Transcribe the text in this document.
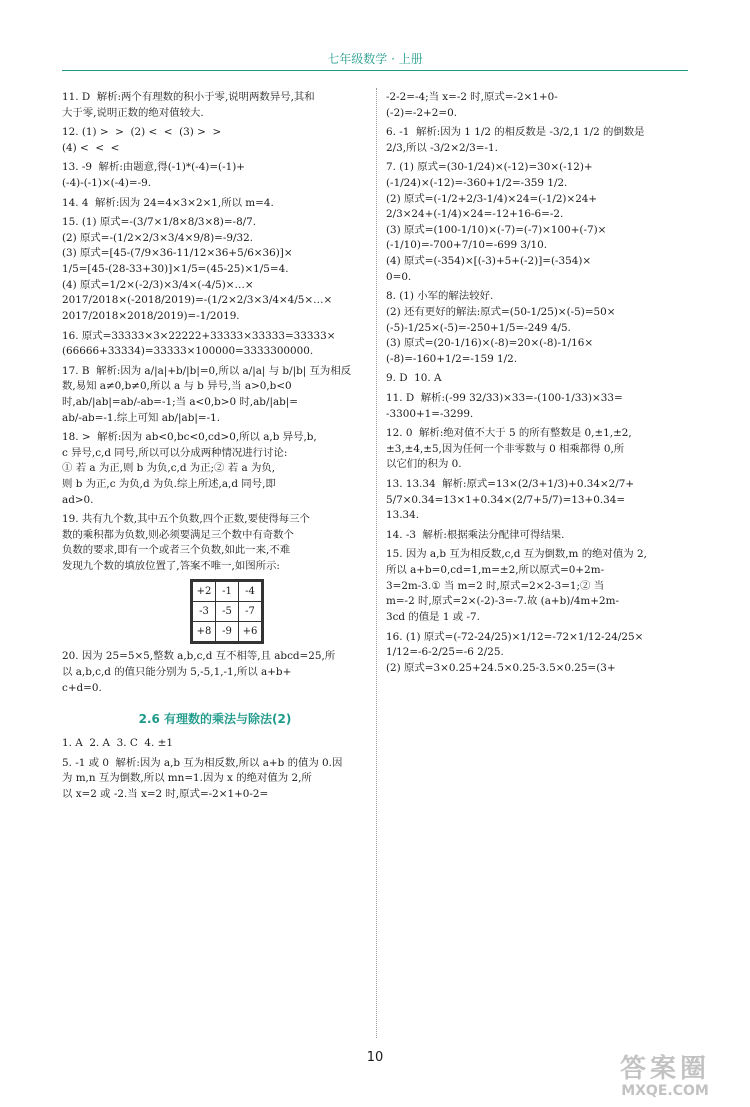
七年级数学 · 上册
11. D  解析:两个有理数的积小于零,说明两数异号,其和
大于零,说明正数的绝对值较大.
12. (1) >  >  (2) <  <  (3) >  >
(4) <  <  <
13. -9  解析:由题意,得(-1)*(-4)=(-1)+
(-4)-(-1)×(-4)=-9.
14. 4  解析:因为 24=4×3×2×1,所以 m=4.
15. (1) 原式=-(3/7×1/8×8/3×8)=-8/7.
(2) 原式=-(1/2×2/3×3/4×9/8)=-9/32.
(3) 原式=[45-(7/9×36-11/12×36+5/6×36)]×
1/5=[45-(28-33+30)]×1/5=(45-25)×1/5=4.
(4) 原式=1/2×(-2/3)×3/4×(-4/5)×…×
2017/2018×(-2018/2019)=-(1/2×2/3×3/4×4/5×…×
2017/2018×2018/2019)=-1/2019.
16. 原式=33333×3×22222+33333×33333=33333×
(66666+33334)=33333×100000=3333300000.
17. B  解析:因为 a/|a|+b/|b|=0,所以 a/|a| 与 b/|b| 互为相反
数,易知 a≠0,b≠0,所以 a 与 b 异号,当 a>0,b<0
时,ab/|ab|=ab/-ab=-1;当 a<0,b>0 时,ab/|ab|=
ab/-ab=-1.综上可知 ab/|ab|=-1.
18. >  解析:因为 ab<0,bc<0,cd>0,所以 a,b 异号,b,
c 异号,c,d 同号,所以可以分成两种情况进行讨论:
① 若 a 为正,则 b 为负,c,d 为正;② 若 a 为负,
则 b 为正,c 为负,d 为负.综上所述,a,d 同号,即
ad>0.
19. 共有九个数,其中五个负数,四个正数,要使得每三个
数的乘积都为负数,则必须要满足三个数中有奇数个
负数的要求,即有一个或者三个负数,如此一来,不难
发现九个数的填放位置了,答案不唯一,如图所示:
+2	-1	-4
-3	-5	-7
+8	-9	+6
20. 因为 25=5×5,整数 a,b,c,d 互不相等,且 abcd=25,所
以 a,b,c,d 的值只能分别为 5,-5,1,-1,所以 a+b+
c+d=0.
2.6 有理数的乘法与除法(2)
1. A  2. A  3. C  4. ±1
5. -1 或 0  解析:因为 a,b 互为相反数,所以 a+b 的值为 0.因
为 m,n 互为倒数,所以 mn=1.因为 x 的绝对值为 2,所
以 x=2 或 -2.当 x=2 时,原式=-2×1+0-2=
-2-2=-4;当 x=-2 时,原式=-2×1+0-
(-2)=-2+2=0.
6. -1  解析:因为 1 1/2 的相反数是 -3/2,1 1/2 的倒数是
2/3,所以 -3/2×2/3=-1.
7. (1) 原式=(30-1/24)×(-12)=30×(-12)+
(-1/24)×(-12)=-360+1/2=-359 1/2.
(2) 原式=(-1/2+2/3-1/4)×24=(-1/2)×24+
2/3×24+(-1/4)×24=-12+16-6=-2.
(3) 原式=(100-1/10)×(-7)=(-7)×100+(-7)×
(-1/10)=-700+7/10=-699 3/10.
(4) 原式=(-354)×[(-3)+5+(-2)]=(-354)×
0=0.
8. (1) 小军的解法较好.
(2) 还有更好的解法:原式=(50-1/25)×(-5)=50×
(-5)-1/25×(-5)=-250+1/5=-249 4/5.
(3) 原式=(20-1/16)×(-8)=20×(-8)-1/16×
(-8)=-160+1/2=-159 1/2.
9. D  10. A
11. D  解析:(-99 32/33)×33=-(100-1/33)×33=
-3300+1=-3299.
12. 0  解析:绝对值不大于 5 的所有整数是 0,±1,±2,
±3,±4,±5,因为任何一个非零数与 0 相乘都得 0,所
以它们的积为 0.
13. 13.34  解析:原式=13×(2/3+1/3)+0.34×2/7+
5/7×0.34=13×1+0.34×(2/7+5/7)=13+0.34=
13.34.
14. -3  解析:根据乘法分配律可得结果.
15. 因为 a,b 互为相反数,c,d 互为倒数,m 的绝对值为 2,
所以 a+b=0,cd=1,m=±2,所以原式=0+2m-
3=2m-3.① 当 m=2 时,原式=2×2-3=1;② 当
m=-2 时,原式=2×(-2)-3=-7.故 (a+b)/4m+2m-
3cd 的值是 1 或 -7.
16. (1) 原式=(-72-24/25)×1/12=-72×1/12-24/25×
1/12=-6-2/25=-6 2/25.
(2) 原式=3×0.25+24.5×0.25-3.5×0.25=(3+
10	答案圈
MXQE.COM
